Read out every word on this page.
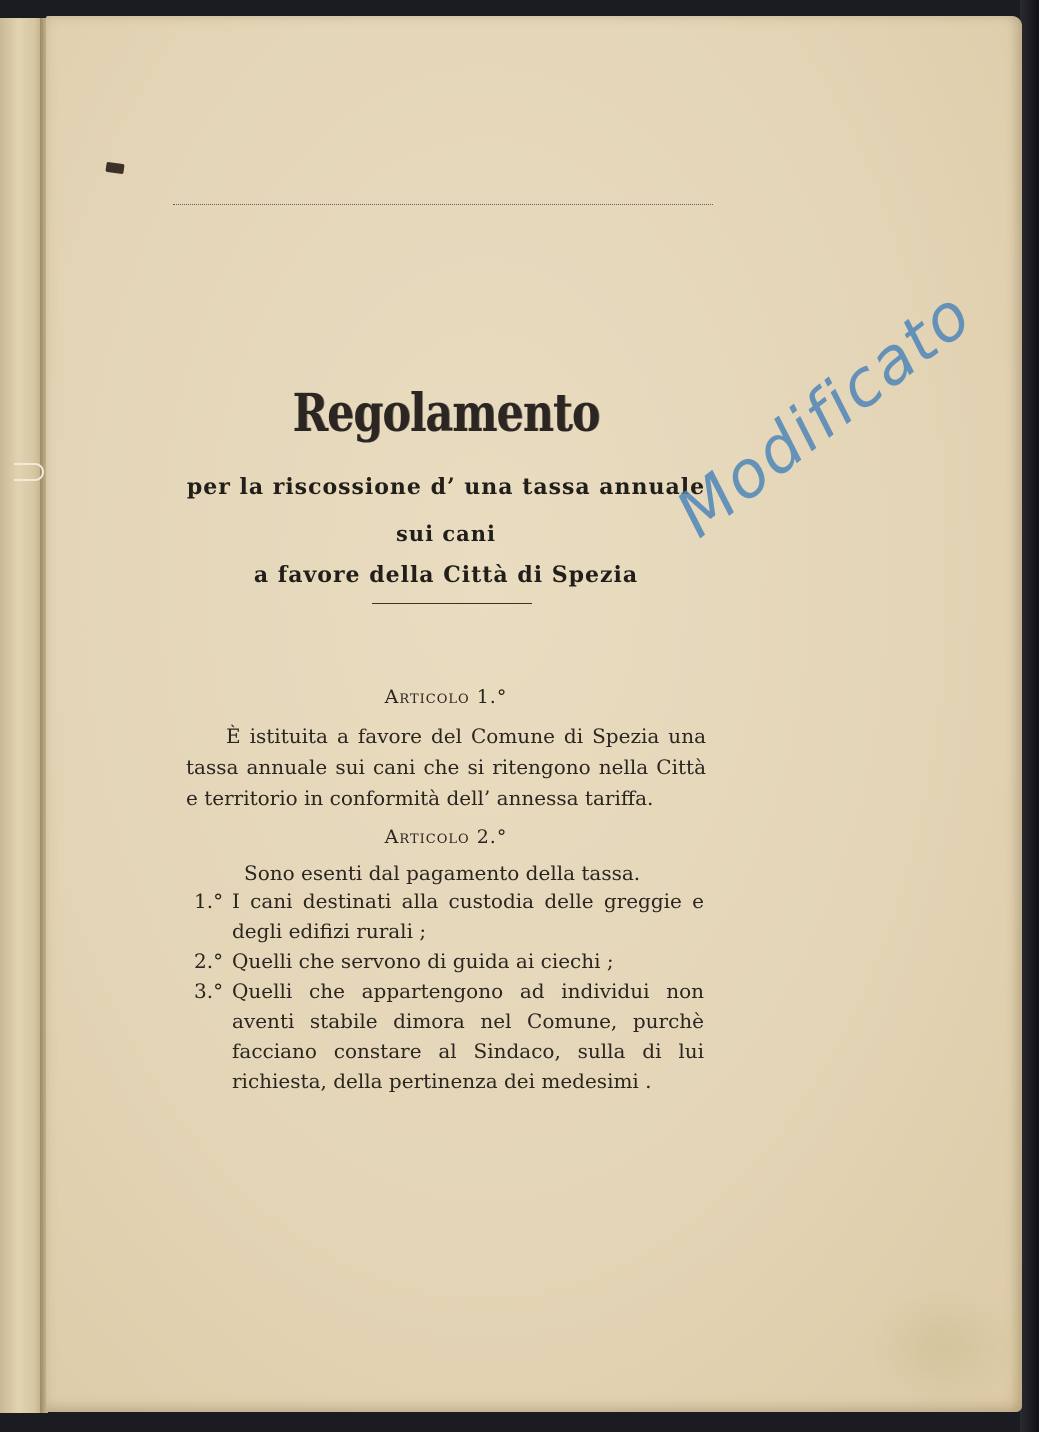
Regolamento
per la riscossione d’ una tassa annuale
sui cani
a favore della Città di Spezia
Modificato
Articolo 1.°
È istituita a favore del Comune di Spezia una tassa annuale sui cani che si ritengono nella Città e territorio in conformità dell’ annessa tariffa.
Articolo 2.°
Sono esenti dal pagamento della tassa.
1.° I cani destinati alla custodia delle greggie e degli edifizi rurali ;
2.° Quelli che servono di guida ai ciechi ;
3.° Quelli che appartengono ad individui non aventi stabile dimora nel Comune, purchè facciano constare al Sindaco, sulla di lui richiesta, della pertinenza dei medesimi .
